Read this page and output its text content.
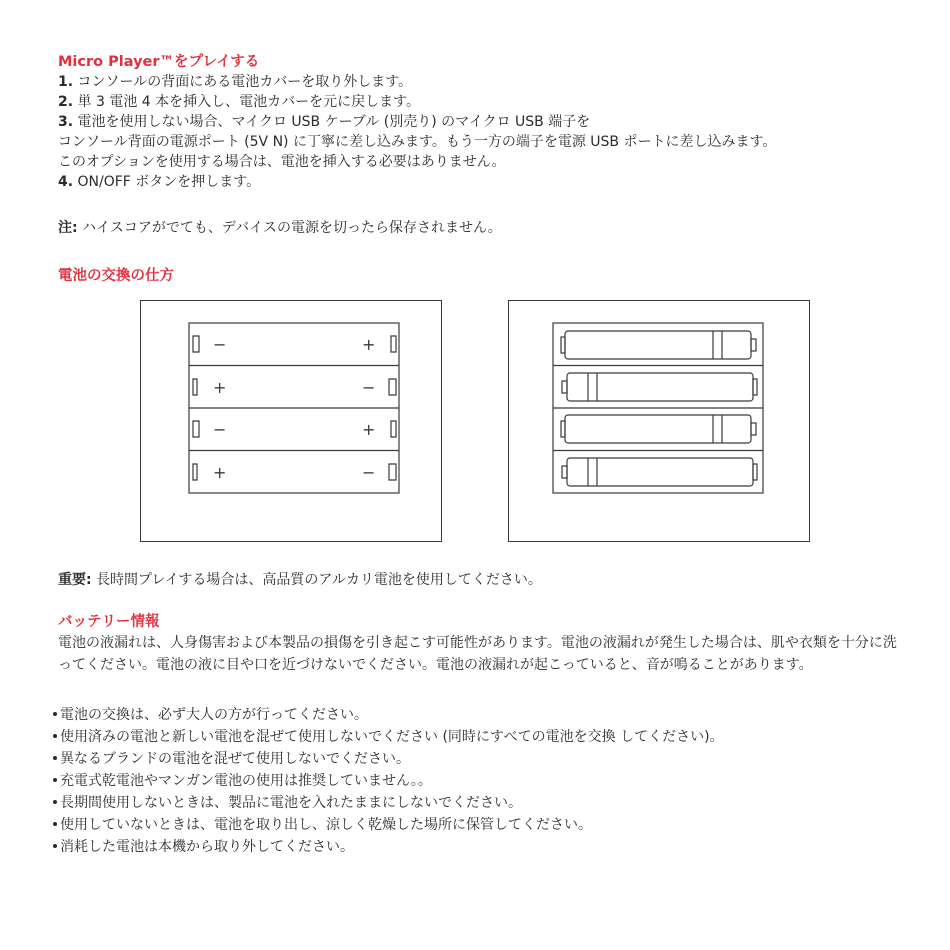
Micro Player™をプレイする

1. コンソールの背面にある電池カバーを取り外します。

2. 単 3 電池 4 本を挿入し、電池カバーを元に戻します。

3. 電池を使用しない場合、マイクロ USB ケーブル (別売り) のマイクロ USB 端子を

コンソール背面の電源ポート (5V N) に丁寧に差し込みます。もう一方の端子を電源 USB ポートに差し込みます。

このオプションを使用する場合は、電池を挿入する必要はありません。

4. ON/OFF ボタンを押します。

注: ハイスコアがでても、デバイスの電源を切ったら保存されません。

電池の交換の仕方
−	+
+	−
−	+
+	−

重要: 長時間プレイする場合は、高品質のアルカリ電池を使用してください。

バッテリー情報

電池の液漏れは、人身傷害および本製品の損傷を引き起こす可能性があります。電池の液漏れが発生した場合は、肌や衣類を十分に洗ってください。電池の液に目や口を近づけないでください。電池の液漏れが起こっていると、音が鳴ることがあります。

電池の交換は、必ず大人の方が行ってください。
使用済みの電池と新しい電池を混ぜて使用しないでください (同時にすべての電池を交換 してください)。
異なるブランドの電池を混ぜて使用しないでください。
充電式乾電池やマンガン電池の使用は推奨していません。。
長期間使用しないときは、製品に電池を入れたままにしないでください。
使用していないときは、電池を取り出し、涼しく乾燥した場所に保管してください。
消耗した電池は本機から取り外してください。
